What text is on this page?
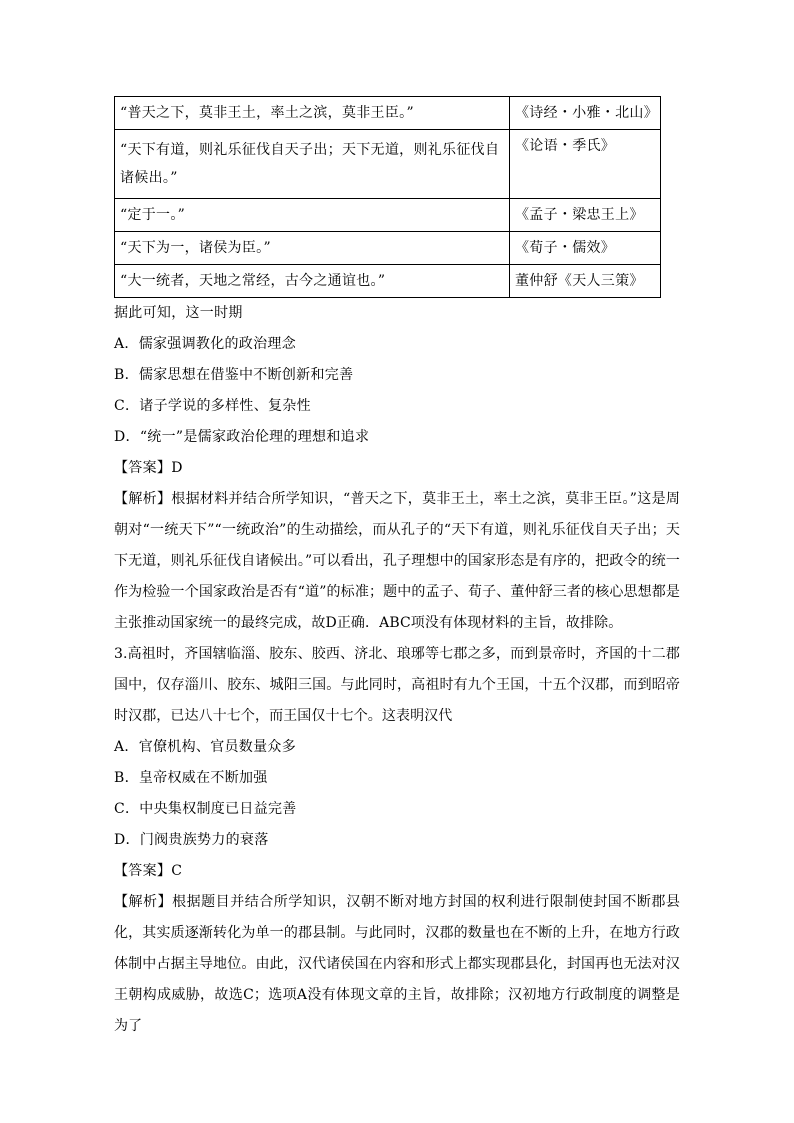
“普天之下，莫非王土，率土之滨，莫非王臣。”	《诗经・小雅・北山》
“天下有道，则礼乐征伐自天子出；天下无道，则礼乐征伐自诸候出。”	《论语・季氏》
“定于一。”	《孟子・梁忠王上》
“天下为一，诸侯为臣。”	《荀子・儒效》
“大一统者，天地之常经，古今之通谊也。”	董仲舒《天人三策》

据此可知，这一时期

A．儒家强调教化的政治理念

B．儒家思想在借鉴中不断创新和完善

C．诸子学说的多样性、复杂性

D．“统一”是儒家政治伦理的理想和追求

【答案】D

【解析】根据材料并结合所学知识，“普天之下，莫非王土，率土之滨，莫非王臣。”这是周朝对“一统天下”“一统政治”的生动描绘，而从孔子的“天下有道，则礼乐征伐自天子出；天下无道，则礼乐征伐自诸候出。”可以看出，孔子理想中的国家形态是有序的，把政令的统一作为检验一个国家政治是否有“道”的标准；题中的孟子、荀子、董仲舒三者的核心思想都是主张推动国家统一的最终完成，故D正确．ABC项没有体现材料的主旨，故排除。

3.高祖时，齐国辖临淄、胶东、胶西、济北、琅琊等七郡之多，而到景帝时，齐国的十二郡国中，仅存淄川、胶东、城阳三国。与此同时，高祖时有九个王国，十五个汉郡，而到昭帝时汉郡，已达八十七个，而王国仅十七个。这表明汉代

A．官僚机构、官员数量众多

B．皇帝权威在不断加强

C．中央集权制度已日益完善

D．门阀贵族势力的衰落

【答案】C

【解析】根据题目并结合所学知识，汉朝不断对地方封国的权利进行限制使封国不断郡县化，其实质逐渐转化为单一的郡县制。与此同时，汉郡的数量也在不断的上升，在地方行政体制中占据主导地位。由此，汉代诸侯国在内容和形式上都实现郡县化，封国再也无法对汉王朝构成威胁，故选C；选项A没有体现文章的主旨，故排除；汉初地方行政制度的调整是为了
